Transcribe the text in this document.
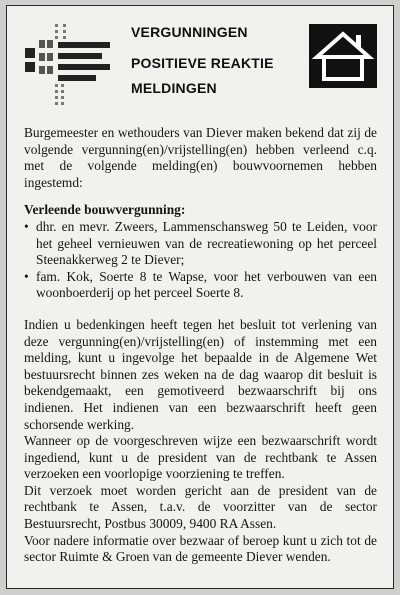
VERGUNNINGEN
POSITIEVE REAKTIE
MELDINGEN

Burgemeester en wethouders van Diever maken bekend dat zij de volgende vergunning(en)/vrijstelling(en) hebben verleend c.q. met de volgende melding(en) bouwvoornemen hebben ingestemd:

Verleende bouwvergunning:

• dhr. en mevr. Zweers, Lammenschansweg 50 te Leiden, voor het geheel vernieuwen van de recreatiewoning op het perceel Steenakkerweg 2 te Diever;
• fam. Kok, Soerte 8 te Wapse, voor het verbouwen van een woonboerderij op het perceel Soerte 8.

Indien u bedenkingen heeft tegen het besluit tot verlening van deze vergunning(en)/vrijstelling(en) of instemming met een melding, kunt u ingevolge het bepaalde in de Algemene Wet bestuursrecht binnen zes weken na de dag waarop dit besluit is bekendgemaakt, een gemotiveerd bezwaarschrift bij ons indienen. Het indienen van een bezwaarschrift heeft geen schorsende werking.

Wanneer op de voorgeschreven wijze een bezwaarschrift wordt ingediend, kunt u de president van de rechtbank te Assen verzoeken een voorlopige voorziening te treffen.

Dit verzoek moet worden gericht aan de president van de rechtbank te Assen, t.a.v. de voorzitter van de sector Bestuursrecht, Postbus 30009, 9400 RA Assen.

Voor nadere informatie over bezwaar of beroep kunt u zich tot de sector Ruimte & Groen van de gemeente Diever wenden.
